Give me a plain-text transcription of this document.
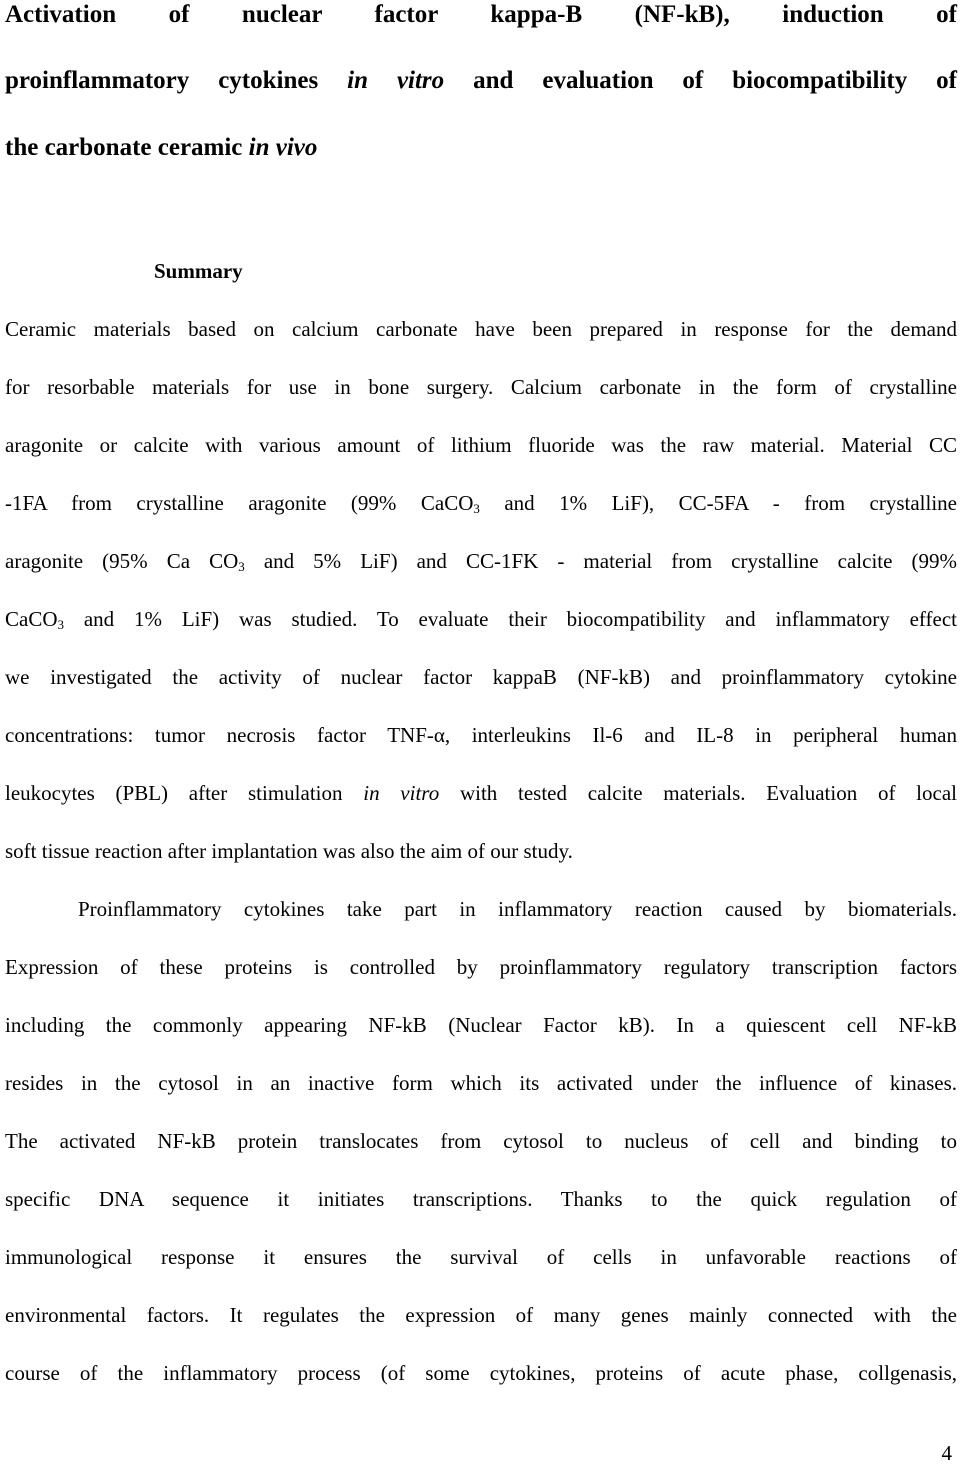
Activation of nuclear factor kappa-B (NF-kB), induction of
proinflammatory cytokines in vitro and evaluation of biocompatibility of
the carbonate ceramic in vivo
Summary
Ceramic materials based on calcium carbonate have been prepared in response for the demand
for resorbable materials for use in bone surgery. Calcium carbonate in the form of crystalline
aragonite or calcite with various amount of lithium fluoride was the raw material. Material CC
-1FA from crystalline aragonite (99% CaCO$_3$ and 1% LiF), CC-5FA - from crystalline
aragonite (95% Ca $CO_3$ and 5% LiF) and CC-1FK - material from crystalline calcite (99%
CaCO$_3$ and 1% LiF) was studied. To evaluate their biocompatibility and inflammatory effect
we investigated the activity of nuclear factor kappaB (NF-kB) and proinflammatory cytokine
concentrations: tumor necrosis factor TNF-α, interleukins Il-6 and IL-8 in peripheral human
leukocytes (PBL) after stimulation in vitro with tested calcite materials. Evaluation of local
soft tissue reaction after implantation was also the aim of our study.
Proinflammatory cytokines take part in inflammatory reaction caused by biomaterials.
Expression of these proteins is controlled by proinflammatory regulatory transcription factors
including the commonly appearing NF-kB (Nuclear Factor kB). In a quiescent cell NF-kB
resides in the cytosol in an inactive form which its activated under the influence of kinases.
The activated NF-kB protein translocates from cytosol to nucleus of cell and binding to
specific DNA sequence it initiates transcriptions. Thanks to the quick regulation of
immunological response it ensures the survival of cells in unfavorable reactions of
environmental factors. It regulates the expression of many genes mainly connected with the
course of the inflammatory process (of some cytokines, proteins of acute phase, collgenasis,
4
